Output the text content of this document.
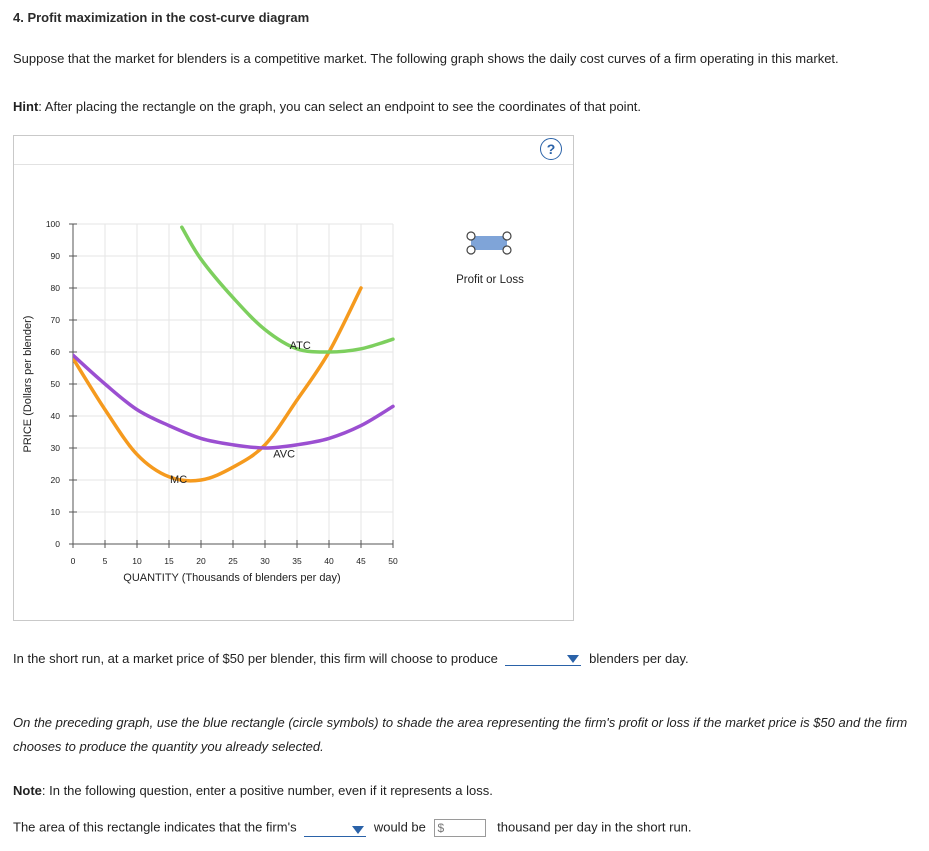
4. Profit maximization in the cost-curve diagram
Suppose that the market for blenders is a competitive market. The following graph shows the daily cost curves of a firm operating in this market.
Hint: After placing the rectangle on the graph, you can select an endpoint to see the coordinates of that point.
?
0
10
20
30
40
50
60
70
80
90
100
0	5	10	15	20	25	30	35	40	45	50
QUANTITY (Thousands of blenders per day)
PRICE (Dollars per blender)	ATC
AVC
MC
Profit or Loss
In the short run, at a market price of $50 per blender, this firm will choose to produce	blenders per day.
On the preceding graph, use the blue rectangle (circle symbols) to shade the area representing the firm's profit or loss if the market price is $50 and the firm chooses to produce the quantity you already selected.
Note: In the following question, enter a positive number, even if it represents a loss.
The area of this rectangle indicates that the firm's	would be $	thousand per day in the short run.
